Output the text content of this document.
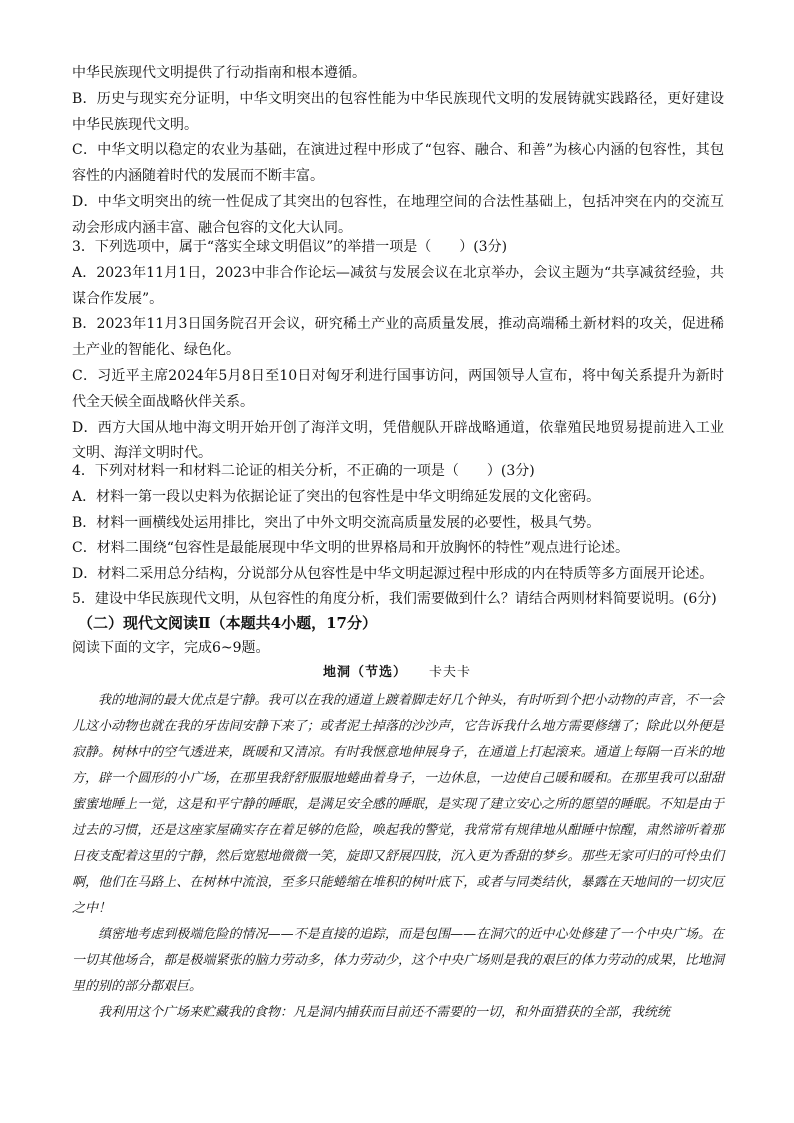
中华民族现代文明提供了行动指南和根本遵循。
B．历史与现实充分证明，中华文明突出的包容性能为中华民族现代文明的发展铸就实践路径，更好建设中华民族现代文明。
C．中华文明以稳定的农业为基础，在演进过程中形成了“包容、融合、和善”为核心内涵的包容性，其包容性的内涵随着时代的发展而不断丰富。
D．中华文明突出的统一性促成了其突出的包容性，在地理空间的合法性基础上，包括冲突在内的交流互动会形成内涵丰富、融合包容的文化大认同。
3．下列选项中，属于“落实全球文明倡议”的举措一项是（　　）(3分)
A．2023年11月1日，2023中非合作论坛—减贫与发展会议在北京举办，会议主题为“共享减贫经验，共谋合作发展”。
B．2023年11月3日国务院召开会议，研究稀土产业的高质量发展，推动高端稀土新材料的攻关，促进稀土产业的智能化、绿色化。
C．习近平主席2024年5月8日至10日对匈牙利进行国事访问，两国领导人宣布，将中匈关系提升为新时代全天候全面战略伙伴关系。
D．西方大国从地中海文明开始开创了海洋文明，凭借舰队开辟战略通道，依靠殖民地贸易提前进入工业文明、海洋文明时代。
4．下列对材料一和材料二论证的相关分析，不正确的一项是（　　）(3分)
A．材料一第一段以史料为依据论证了突出的包容性是中华文明绵延发展的文化密码。
B．材料一画横线处运用排比，突出了中外文明交流高质量发展的必要性，极具气势。
C．材料二围绕“包容性是最能展现中华文明的世界格局和开放胸怀的特性”观点进行论述。
D．材料二采用总分结构，分说部分从包容性是中华文明起源过程中形成的内在特质等多方面展开论述。
5．建设中华民族现代文明，从包容性的角度分析，我们需要做到什么？请结合两则材料简要说明。(6分)
（二）现代文阅读Ⅱ（本题共4小题，17分）
阅读下面的文字，完成6~9题。
地洞（节选） 卡夫卡

我的地洞的最大优点是宁静。我可以在我的通道上踱着脚走好几个钟头，有时听到个把小动物的声音，不一会儿这小动物也就在我的牙齿间安静下来了；或者泥土掉落的沙沙声，它告诉我什么地方需要修缮了；除此以外便是寂静。树林中的空气透进来，既暖和又清凉。有时我惬意地伸展身子，在通道上打起滚来。通道上每隔一百米的地方，辟一个圆形的小广场，在那里我舒舒服服地蜷曲着身子，一边休息，一边使自己暖和暖和。在那里我可以甜甜蜜蜜地睡上一觉，这是和平宁静的睡眠，是满足安全感的睡眠，是实现了建立安心之所的愿望的睡眠。不知是由于过去的习惯，还是这座家屋确实存在着足够的危险，唤起我的警觉，我常常有规律地从酣睡中惊醒，肃然谛听着那日夜支配着这里的宁静，然后宽慰地微微一笑，旋即又舒展四肢，沉入更为香甜的梦乡。那些无家可归的可怜虫们啊，他们在马路上、在树林中流浪，至多只能蜷缩在堆积的树叶底下，或者与同类结伙，暴露在天地间的一切灾厄之中！

缜密地考虑到极端危险的情况——不是直接的追踪，而是包围——在洞穴的近中心处修建了一个中央广场。在一切其他场合，都是极端紧张的脑力劳动多，体力劳动少，这个中央广场则是我的艰巨的体力劳动的成果，比地洞里的别的部分都艰巨。

我利用这个广场来贮藏我的食物：凡是洞内捕获而目前还不需要的一切，和外面猎获的全部，我统统
